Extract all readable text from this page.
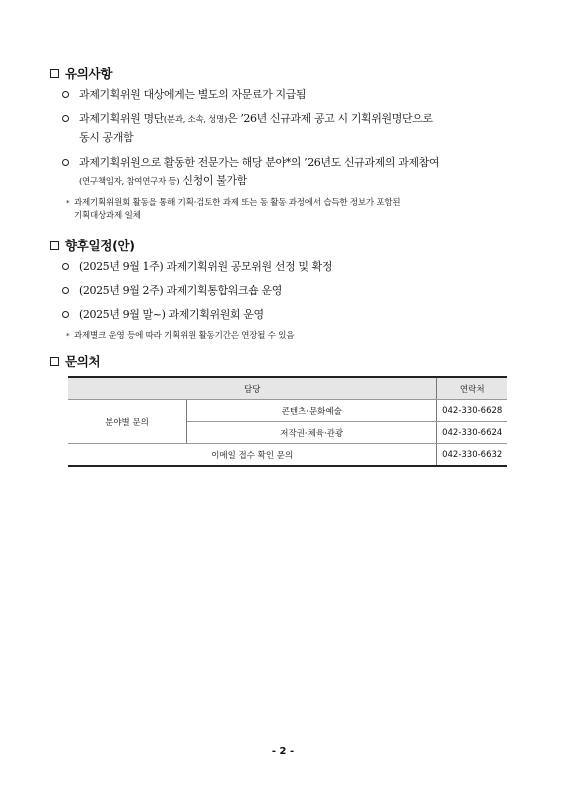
유의사항
과제기획위원 대상에게는 별도의 자문료가 지급됨
과제기획위원 명단(분과, 소속, 성명)은 ’26년 신규과제 공고 시 기획위원명단으로
동시 공개함
과제기획위원으로 활동한 전문가는 해당 분야*의 ’26년도 신규과제의 과제참여
(연구책임자, 참여연구자 등) 신청이 불가함
* 과제기획위원회 활동을 통해 기획·검토한 과제 또는 동 활동 과정에서 습득한 정보가 포함된
기획대상과제 일체
향후일정(안)
(2025년 9월 1주) 과제기획위원 공모위원 선정 및 확정
(2025년 9월 2주) 과제기획통합워크숍 운영
(2025년 9월 말~) 과제기획위원회 운영
* 과제별크 운영 등에 따라 기획위원 활동기간은 연장될 수 있음
문의처
담당		연락처
분야별 문의	콘텐츠·문화예술	042-330-6628
	저작권·체육·관광	042-330-6624
이메일 접수 확인 문의		042-330-6632
- 2 -
